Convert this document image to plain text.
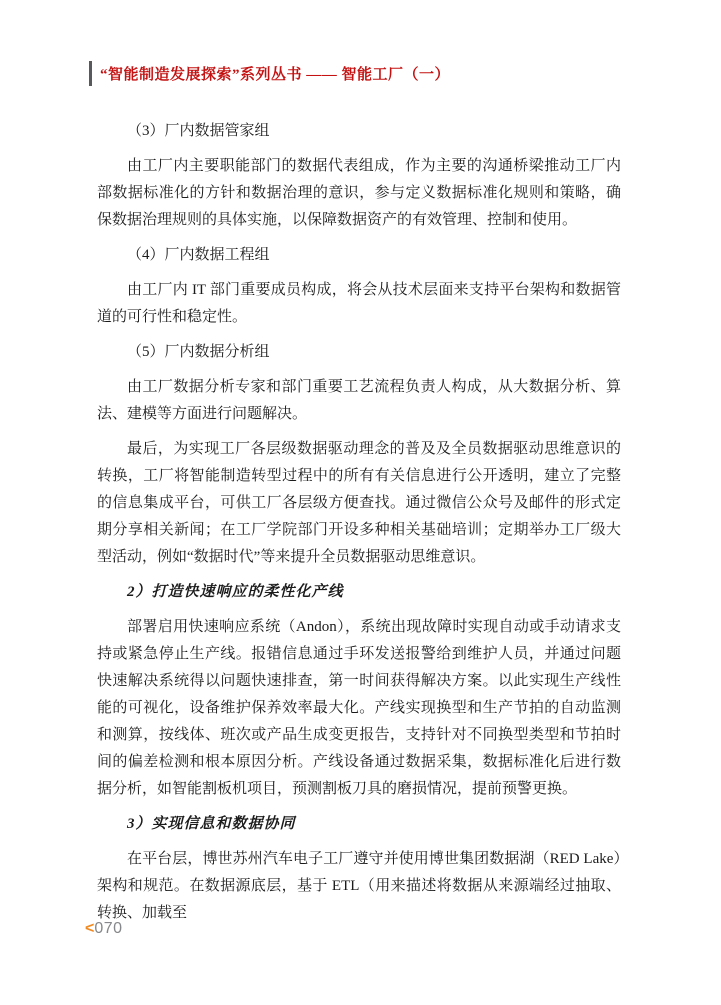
“智能制造发展探索”系列丛书 —— 智能工厂（一）
（3）厂内数据管家组
由工厂内主要职能部门的数据代表组成，作为主要的沟通桥梁推动工厂内部数据标准化的方针和数据治理的意识，参与定义数据标准化规则和策略，确保数据治理规则的具体实施，以保障数据资产的有效管理、控制和使用。
（4）厂内数据工程组
由工厂内 IT 部门重要成员构成，将会从技术层面来支持平台架构和数据管道的可行性和稳定性。
（5）厂内数据分析组
由工厂数据分析专家和部门重要工艺流程负责人构成，从大数据分析、算法、建模等方面进行问题解决。
最后，为实现工厂各层级数据驱动理念的普及及全员数据驱动思维意识的转换，工厂将智能制造转型过程中的所有有关信息进行公开透明，建立了完整的信息集成平台，可供工厂各层级方便查找。通过微信公众号及邮件的形式定期分享相关新闻；在工厂学院部门开设多种相关基础培训；定期举办工厂级大型活动，例如“数据时代”等来提升全员数据驱动思维意识。
2）打造快速响应的柔性化产线
部署启用快速响应系统（Andon），系统出现故障时实现自动或手动请求支持或紧急停止生产线。报错信息通过手环发送报警给到维护人员，并通过问题快速解决系统得以问题快速排查，第一时间获得解决方案。以此实现生产线性能的可视化，设备维护保养效率最大化。产线实现换型和生产节拍的自动监测和测算，按线体、班次或产品生成变更报告，支持针对不同换型类型和节拍时间的偏差检测和根本原因分析。产线设备通过数据采集，数据标准化后进行数据分析，如智能割板机项目，预测割板刀具的磨损情况，提前预警更换。
3）实现信息和数据协同
在平台层，博世苏州汽车电子工厂遵守并使用博世集团数据湖（RED Lake）架构和规范。在数据源底层，基于 ETL（用来描述将数据从来源端经过抽取、转换、加载至
<070
